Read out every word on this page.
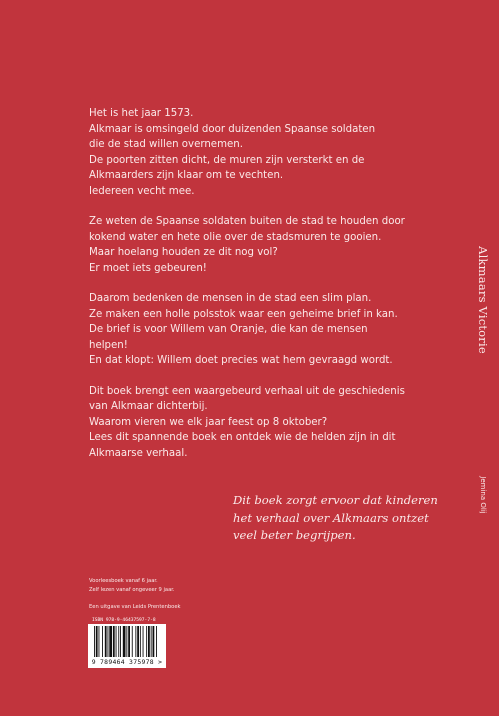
Het is het jaar 1573.
Alkmaar is omsingeld door duizenden Spaanse soldaten
die de stad willen overnemen.
De poorten zitten dicht, de muren zijn versterkt en de
Alkmaarders zijn klaar om te vechten.
Iedereen vecht mee.

Ze weten de Spaanse soldaten buiten de stad te houden door
kokend water en hete olie over de stadsmuren te gooien.
Maar hoelang houden ze dit nog vol?
Er moet iets gebeuren!

Daarom bedenken de mensen in de stad een slim plan.
Ze maken een holle polsstok waar een geheime brief in kan.
De brief is voor Willem van Oranje, die kan de mensen
helpen!
En dat klopt: Willem doet precies wat hem gevraagd wordt.

Dit boek brengt een waargebeurd verhaal uit de geschiedenis
van Alkmaar dichterbij.
Waarom vieren we elk jaar feest op 8 oktober?
Lees dit spannende boek en ontdek wie de helden zijn in dit
Alkmaarse verhaal.

Alkmaars Victorie
Jemina Olij
Dit boek zorgt ervoor dat kinderen
het verhaal over Alkmaars ontzet
veel beter begrijpen.
Voorleesboek vanaf 6 jaar.
Zelf lezen vanaf ongeveer 9 jaar.
Een uitgave van Leids Prentenboek
ISBN 978-9-46437597-7-8
9 789464 375978 >
